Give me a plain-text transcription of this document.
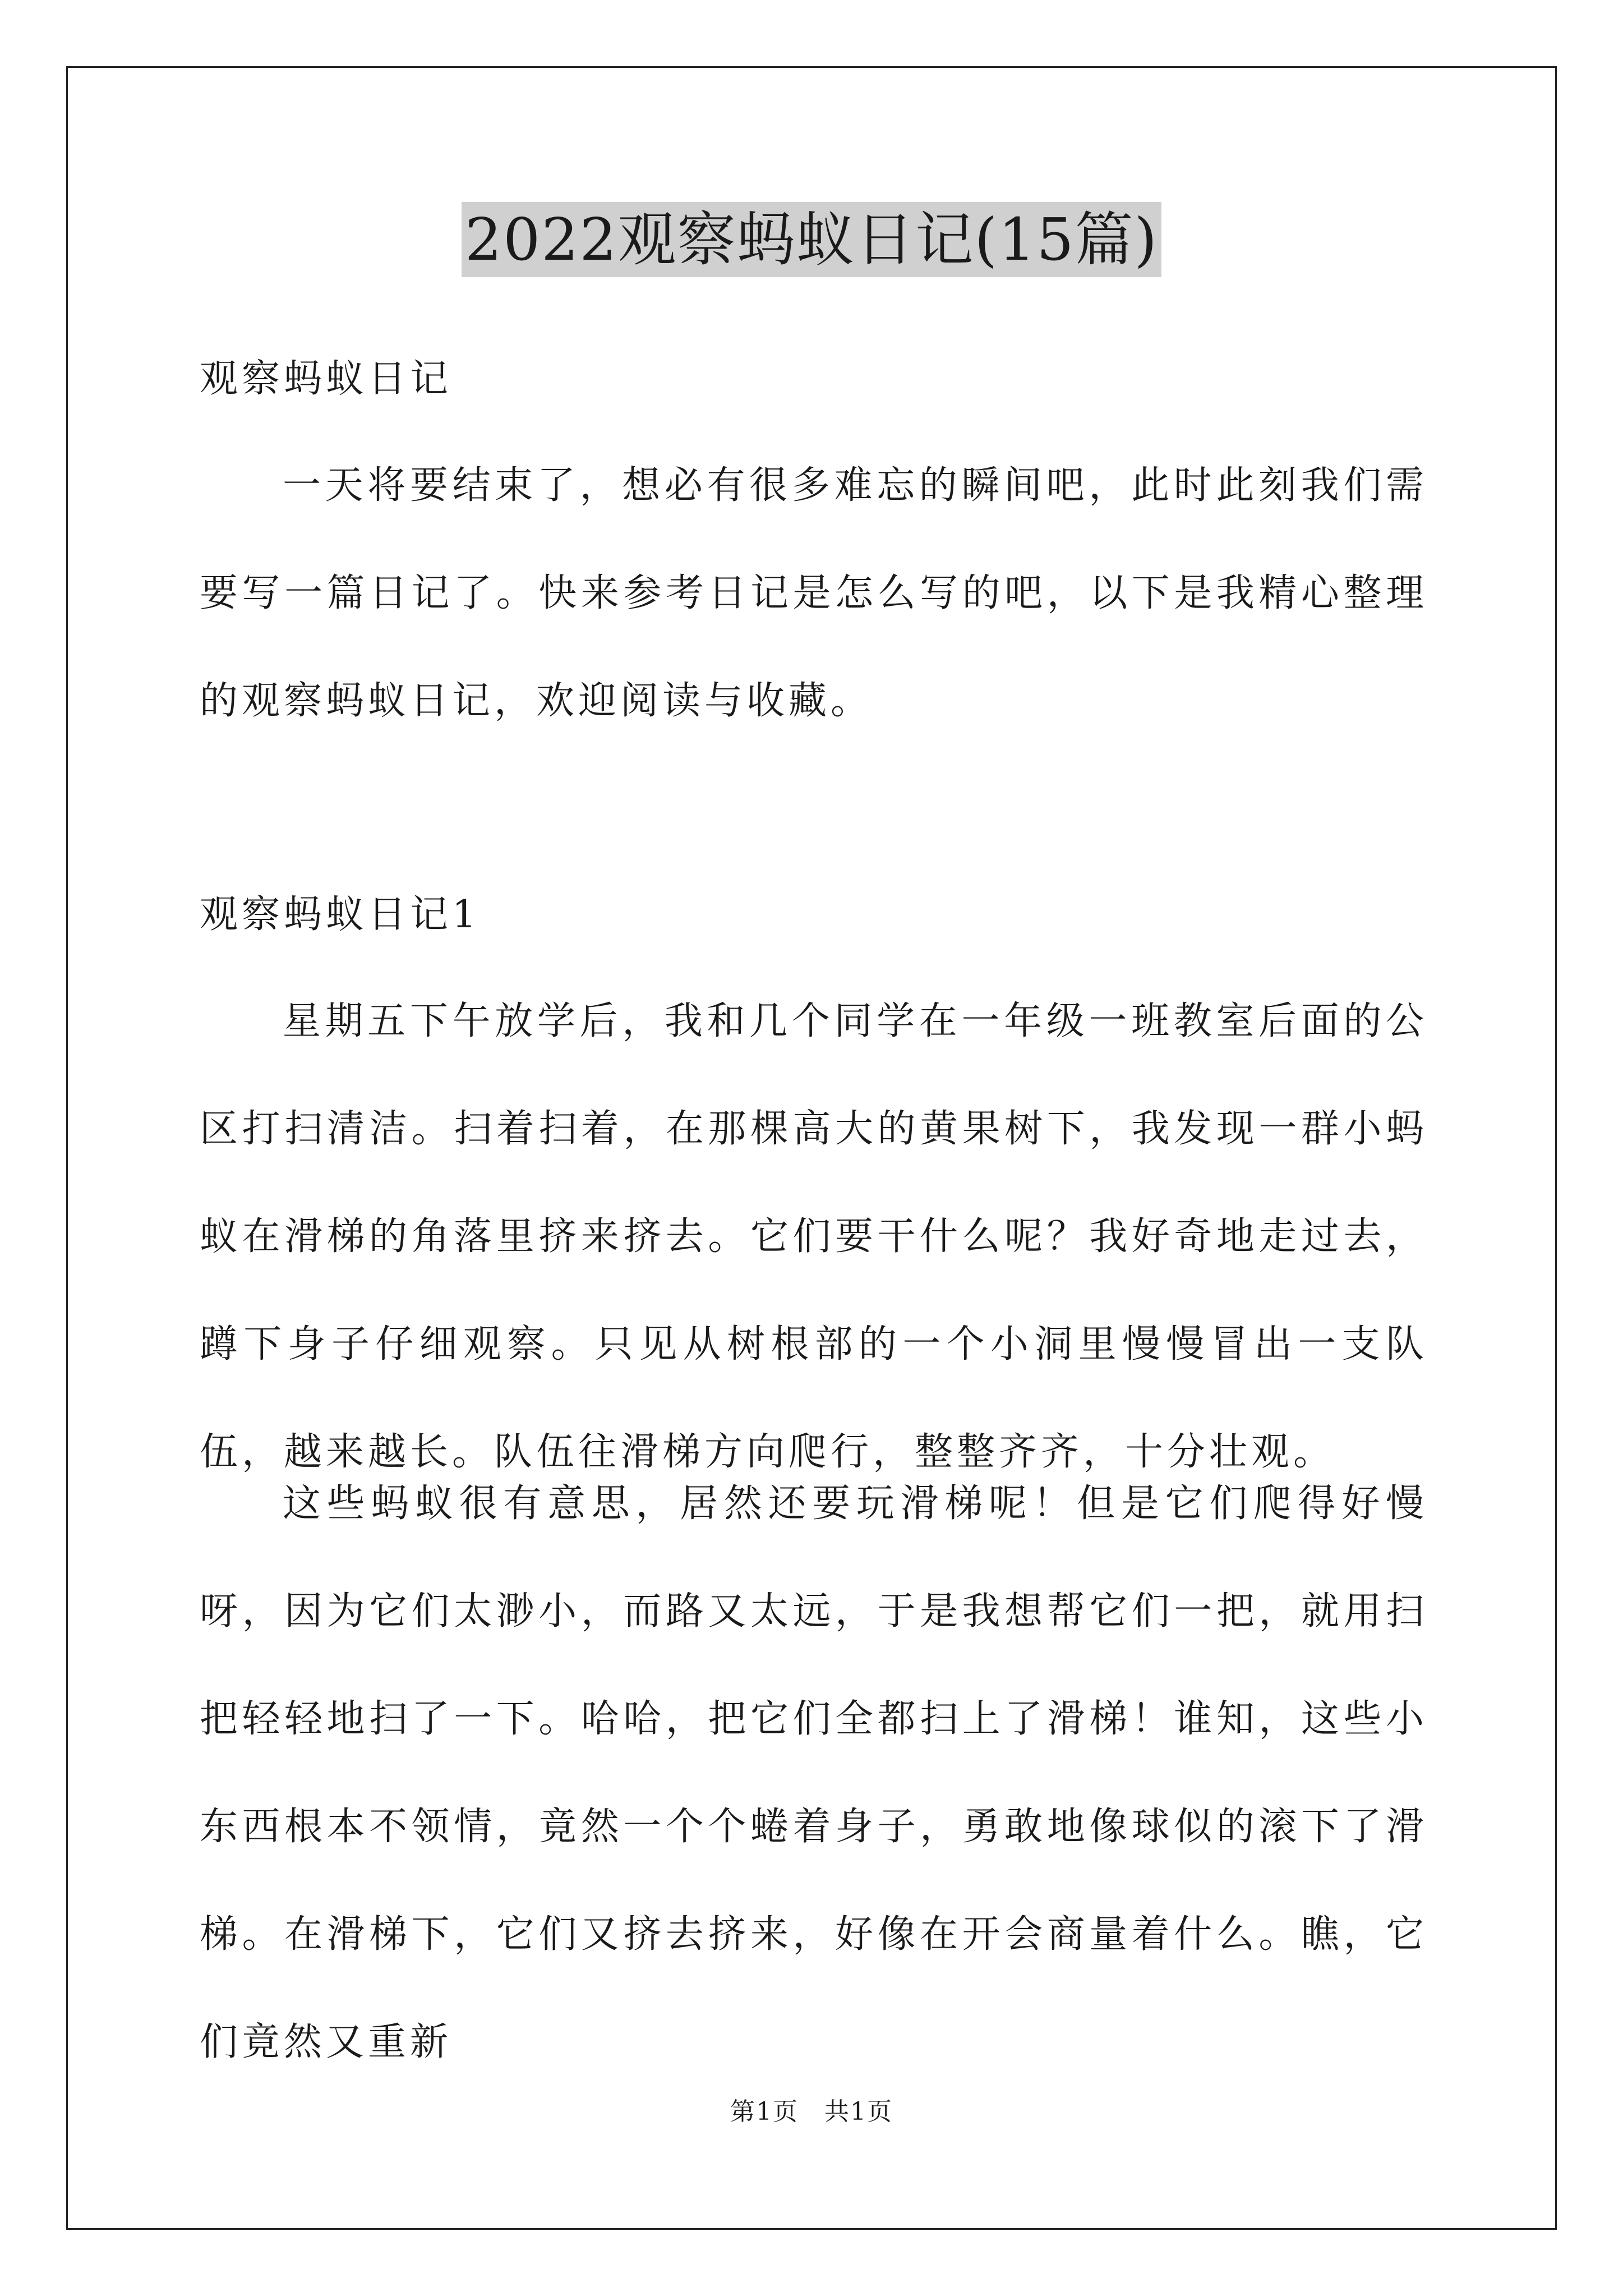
2022观察蚂蚁日记(15篇)

观察蚂蚁日记

一天将要结束了，想必有很多难忘的瞬间吧，此时此刻我们需要写一篇日记了。快来参考日记是怎么写的吧，以下是我精心整理的观察蚂蚁日记，欢迎阅读与收藏。

观察蚂蚁日记1

星期五下午放学后，我和几个同学在一年级一班教室后面的公区打扫清洁。扫着扫着，在那棵高大的黄果树下，我发现一群小蚂蚁在滑梯的角落里挤来挤去。它们要干什么呢？我好奇地走过去，蹲下身子仔细观察。只见从树根部的一个小洞里慢慢冒出一支队伍，越来越长。队伍往滑梯方向爬行，整整齐齐，十分壮观。

这些蚂蚁很有意思，居然还要玩滑梯呢！但是它们爬得好慢呀，因为它们太渺小，而路又太远，于是我想帮它们一把，就用扫把轻轻地扫了一下。哈哈，把它们全都扫上了滑梯！谁知，这些小东西根本不领情，竟然一个个蜷着身子，勇敢地像球似的滚下了滑梯。在滑梯下，它们又挤去挤来，好像在开会商量着什么。瞧，它们竟然又重新

第1页 共1页
